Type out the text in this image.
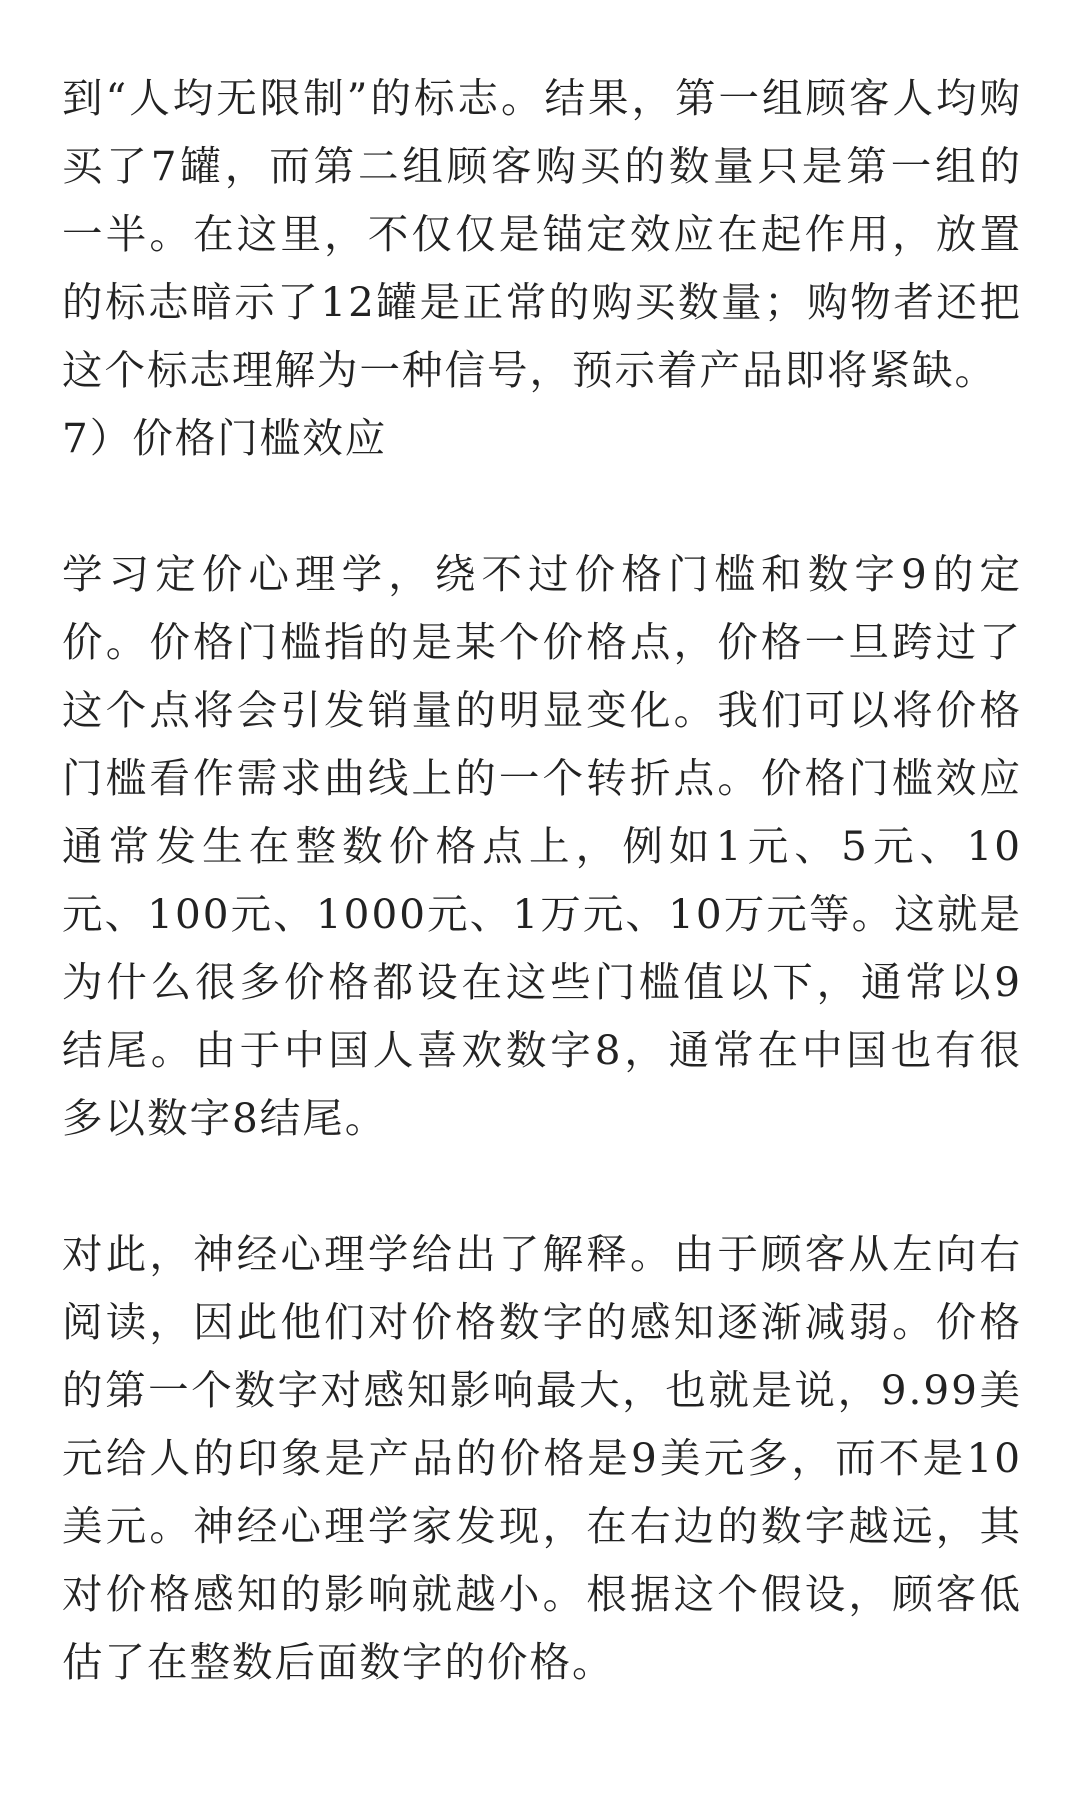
到“人均无限制”的标志。结果，第一组顾客人均购买了7罐，而第二组顾客购买的数量只是第一组的一半。在这里，不仅仅是锚定效应在起作用，放置的标志暗示了12罐是正常的购买数量；购物者还把这个标志理解为一种信号，预示着产品即将紧缺。

7）价格门槛效应

学习定价心理学，绕不过价格门槛和数字9的定价。价格门槛指的是某个价格点，价格一旦跨过了这个点将会引发销量的明显变化。我们可以将价格门槛看作需求曲线上的一个转折点。价格门槛效应通常发生在整数价格点上，例如1元、5元、10元、100元、1000元、1万元、10万元等。这就是为什么很多价格都设在这些门槛值以下，通常以9结尾。由于中国人喜欢数字8，通常在中国也有很多以数字8结尾。

对此，神经心理学给出了解释。由于顾客从左向右阅读，因此他们对价格数字的感知逐渐减弱。价格的第一个数字对感知影响最大，也就是说，9.99美元给人的印象是产品的价格是9美元多，而不是10美元。神经心理学家发现，在右边的数字越远，其对价格感知的影响就越小。根据这个假设，顾客低估了在整数后面数字的价格。
